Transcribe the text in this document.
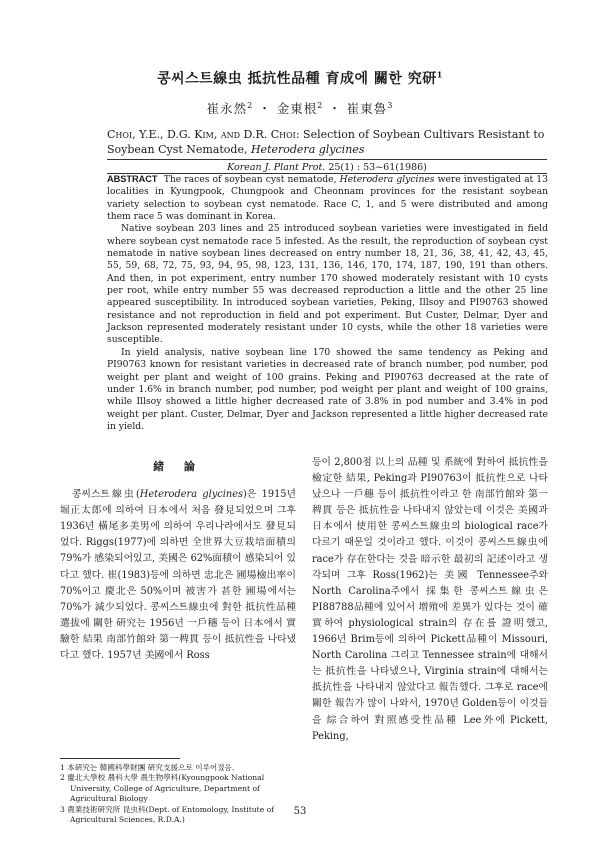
콩씨스트線虫 抵抗性品種 育成에 關한 究研$^1$
崔永然$^2$ ・ 金東根$^2$ ・ 崔東魯$^3$
Choi, Y.E., D.G. Kim, and D.R. Choi: Selection of Soybean Cultivars Resistant to Soybean Cyst Nematode, Heterodera glycines
Korean J. Plant Prot. 25(1) : 53~61(1986)

ABSTRACT The races of soybean cyst nematode, Heterodera glycines were investigated at 13 localities in Kyungpook, Chungpook and Cheonnam provinces for the resistant soybean variety selection to soybean cyst nematode. Race C, 1, and 5 were distributed and among them race 5 was dominant in Korea.

Native soybean 203 lines and 25 introduced soybean varieties were investigated in field where soybean cyst nematode race 5 infested. As the result, the reproduction of soybean cyst nematode in native soybean lines decreased on entry number 18, 21, 36, 38, 41, 42, 43, 45, 55, 59, 68, 72, 75, 93, 94, 95, 98, 123, 131, 136, 146, 170, 174, 187, 190, 191 than others. And then, in pot experiment, entry number 170 showed moderately resistant with 10 cysts per root, while entry number 55 was decreased reproduction a little and the other 25 line appeared susceptibility. In introduced soybean varieties, Peking, Illsoy and PI90763 showed resistance and not reproduction in field and pot experiment. But Custer, Delmar, Dyer and Jackson represented moderately resistant under 10 cysts, while the other 18 varieties were susceptible.

In yield analysis, native soybean line 170 showed the same tendency as Peking and PI90763 known for resistant varieties in decreased rate of branch number, pod number, pod weight per plant and weight of 100 grains. Peking and PI90763 decreased at the rate of under 1.6% in branch number, pod number, pod weight per plant and weight of 100 grains, while Illsoy showed a little higher decreased rate of 3.8% in pod number and 3.4% in pod weight per plant. Custer, Delmar, Dyer and Jackson represented a little higher decreased rate in yield.

緒 論

콩씨스트線虫(Heterodera glycines)은 1915년 堀正太郎에 의하여 日本에서 처음 發見되었으며 그후 1936년 橫尾多美男에 의하여 우리나라에서도 發見되었다. Riggs(1977)에 의하면 全世界大豆栽培面積의 79%가 感染되어있고, 美國은 62%面積이 感染되어 있다고 했다. 崔(1983)등에 의하면 忠北은 圃場檢出率이 70%이고 慶北은 50%이며 被害가 甚한 圃場에서는 70%가 減少되었다. 콩씨스트線虫에 對한 抵抗性品種選拔에 關한 硏究는 1956년 一戶穗 등이 日本에서 實驗한 結果 南部竹館와 第一稗貫 등이 抵抗性을 나타냈다고 했다. 1957년 美國에서 Ross

등이 2,800점 以上의 品種 및 系統에 對하여 抵抗性을 檢定한 結果, Peking과 PI90763이 抵抗性으로 나타났으나 一戶穗 등이 抵抗性이라고 한 南部竹館와 第一稗貫 등은 抵抗性을 나타내지 않았는데 이것은 美國과 日本에서 使用한 콩씨스트線虫의 biological race가 다르기 때문일 것이라고 했다. 이것이 콩씨스트線虫에 race가 存在한다는 것을 暗示한 最初의 記述이라고 생각되며 그후 Ross(1962)는 美國 Tennessee주와 North Carolina주에서 採集한 콩씨스트線虫은 PI88788品種에 있어서 增殖에 差異가 있다는 것이 確實하여 physiological strain의 存在를 證明했고, 1966년 Brim등에 의하여 Pickett品種이 Missouri, North Carolina 그리고 Tennessee strain에 대해서는 抵抗性을 나타냈으나, Virginia strain에 대해서는 抵抗性을 나타내지 않았다고 報告했다. 그후로 race에 關한 報告가 많이 나와서, 1970년 Golden등이 이것들을 綜合하여 對照感受性品種 Lee外에 Pickett, Peking,

1 本硏究는 韓國科學財團 硏究支援으로 이루어졌음.
2 慶北大學校 農科大學 農生物學科(Kyoungpook National University, College of Agriculture, Department of Agricultural Biology
3 農業技術硏究所 昆虫科(Dept. of Entomology, Institute of Agricultural Sciences, R.D.A.)
53
